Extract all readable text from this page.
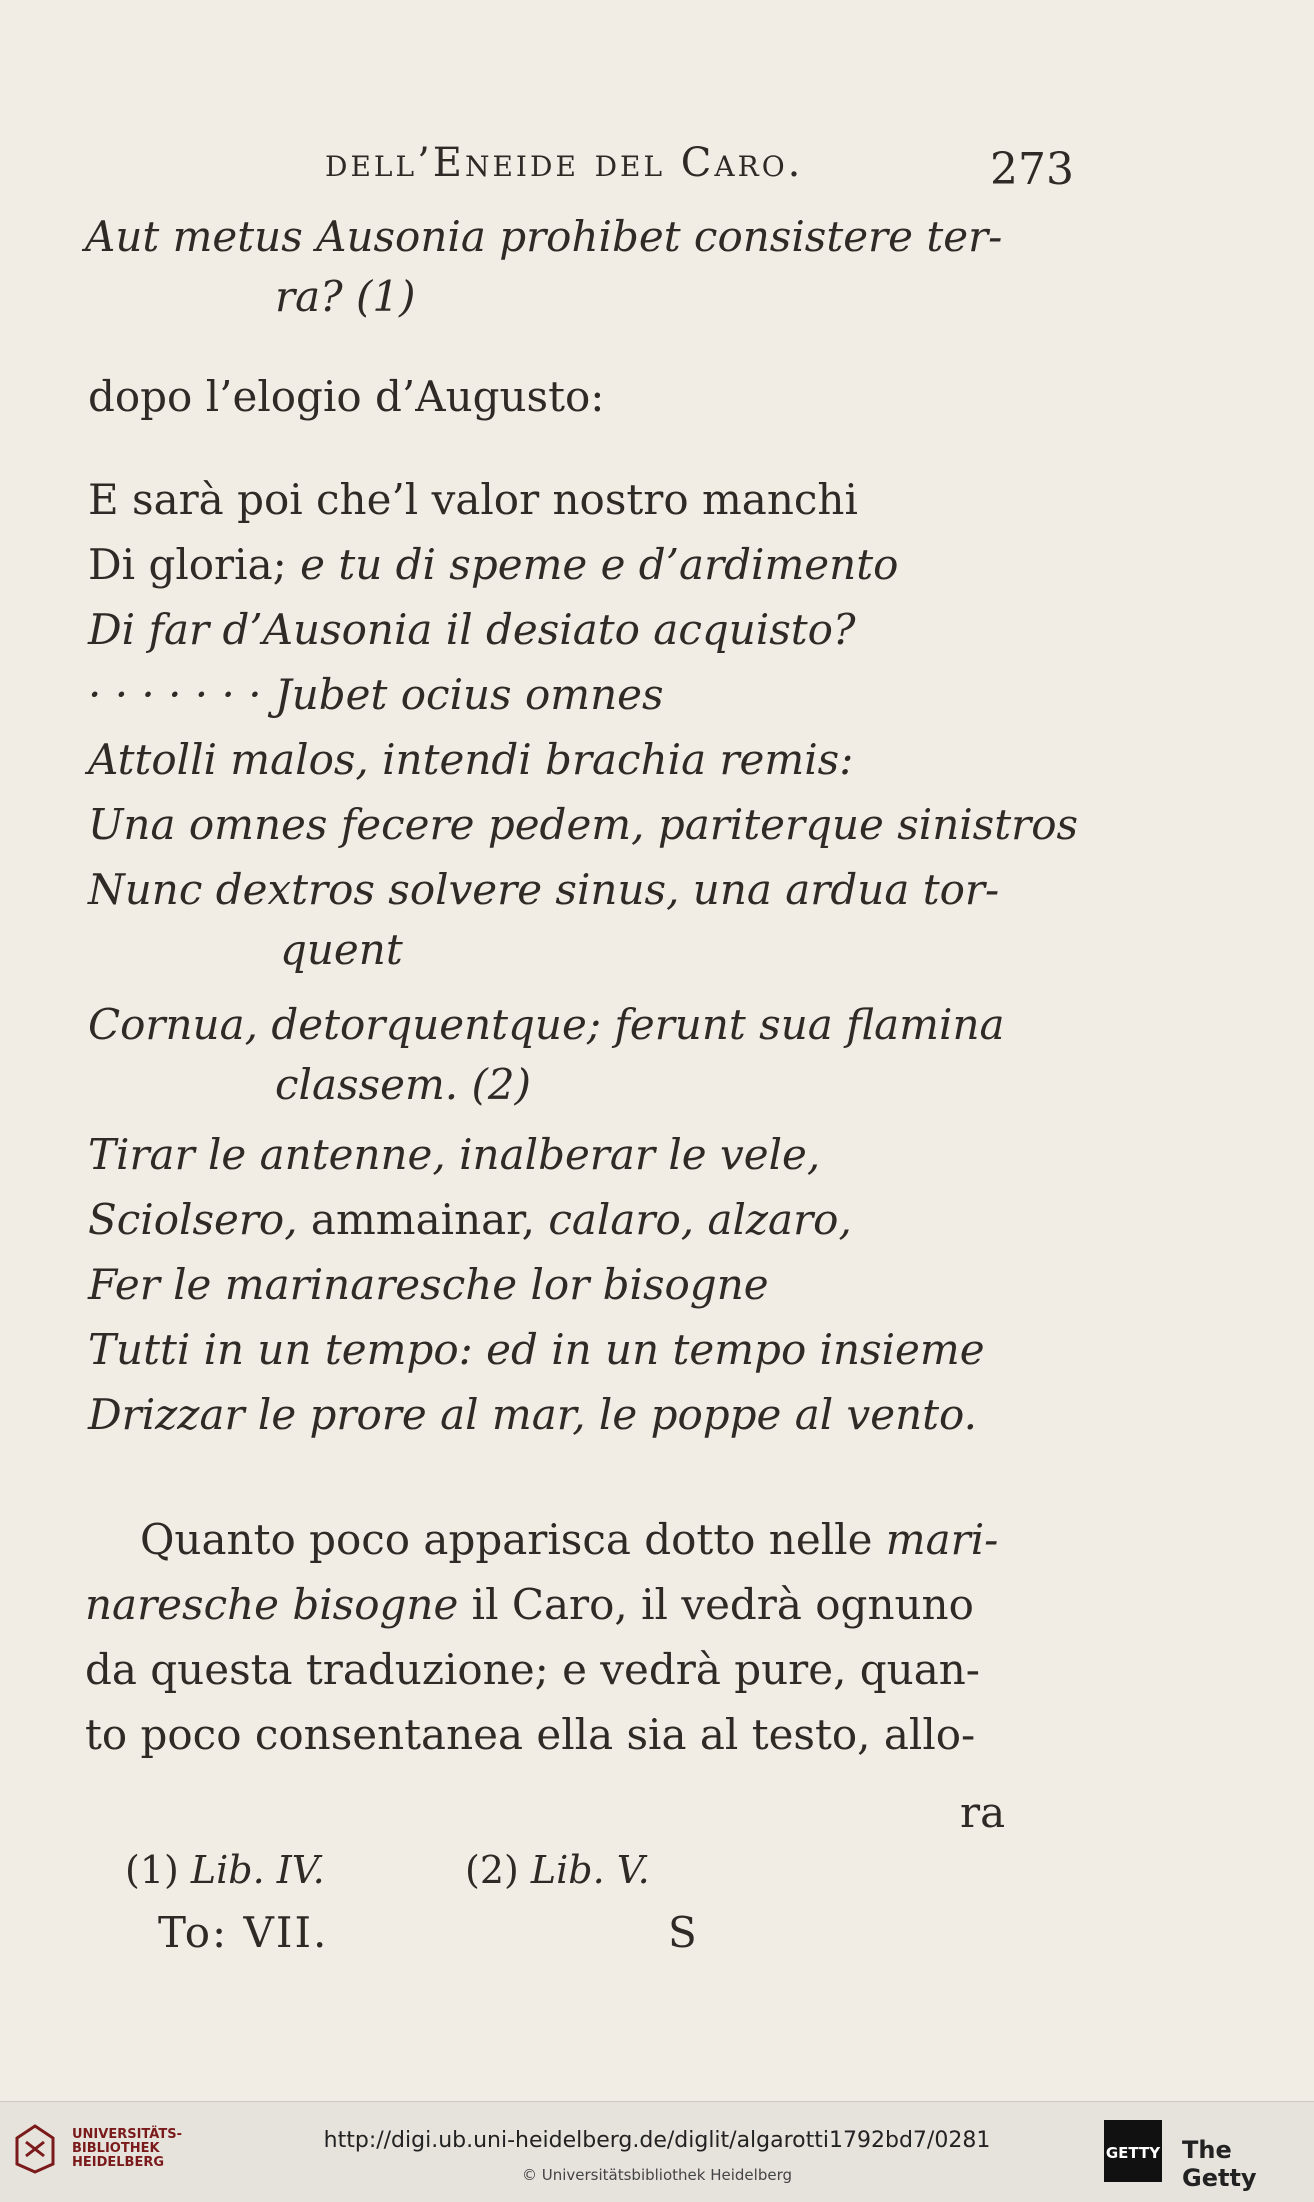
dell’Eneide del Caro.	273
Aut metus Ausonia prohibet consistere ter-
ra? (1)
dopo l’elogio d’Augusto:
E sarà poi che’l valor nostro manchi
Di gloria; e tu di speme e d’ardimento
Di far d’Ausonia il desiato acquisto?
· · · · · · · Jubet ocius omnes
Attolli malos, intendi brachia remis:
Una omnes fecere pedem, pariterque sinistros
Nunc dextros solvere sinus, una ardua tor-
quent
Cornua, detorquentque; ferunt sua flamina
classem. (2)
Tirar le antenne, inalberar le vele,
Sciolsero, ammainar, calaro, alzaro,
Fer le marinaresche lor bisogne
Tutti in un tempo: ed in un tempo insieme
Drizzar le prore al mar, le poppe al vento.
Quanto poco apparisca dotto nelle mari-
naresche bisogne il Caro, il vedrà ognuno
da questa traduzione; e vedrà pure, quan-
to poco consentanea ella sia al testo, allo-
ra
(1) Lib. IV.	(2) Lib. V.
To: VII.	S
UNIVERSITÄTS-
BIBLIOTHEK
HEIDELBERG
http://digi.ub.uni-heidelberg.de/diglit/algarotti1792bd7/0281
© Universitätsbibliothek Heidelberg
GETTY The Getty
